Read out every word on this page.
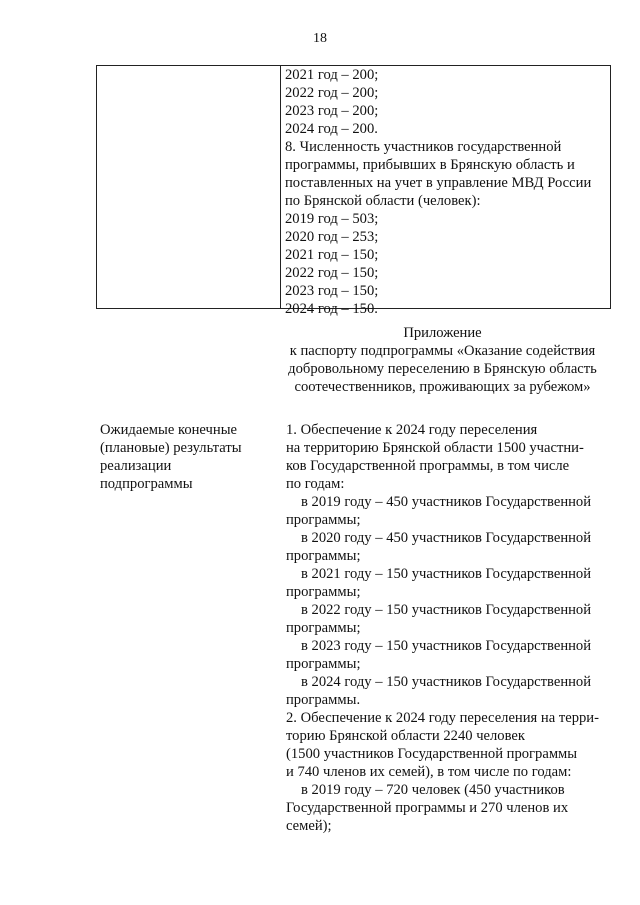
18
2021 год – 200;
2022 год – 200;
2023 год – 200;
2024 год – 200.
8. Численность участников государственной
программы, прибывших в Брянскую область и
поставленных на учет в управление МВД России
по Брянской области (человек):
2019 год – 503;
2020 год – 253;
2021 год – 150;
2022 год – 150;
2023 год – 150;
2024 год – 150.
Приложение
к паспорту подпрограммы «Оказание содействия
добровольному переселению в Брянскую область
соотечественников, проживающих за рубежом»
Ожидаемые конечные
(плановые) результаты
реализации
подпрограммы
1. Обеспечение к 2024 году переселения
на территорию Брянской области 1500 участни-
ков Государственной программы, в том числе
по годам:
в 2019 году – 450 участников Государственной
программы;
в 2020 году – 450 участников Государственной
программы;
в 2021 году – 150 участников Государственной
программы;
в 2022 году – 150 участников Государственной
программы;
в 2023 году – 150 участников Государственной
программы;
в 2024 году – 150 участников Государственной
программы.
2. Обеспечение к 2024 году переселения на терри-
торию Брянской области 2240 человек
(1500 участников Государственной программы
и 740 членов их семей), в том числе по годам:
в 2019 году – 720 человек (450 участников
Государственной программы и 270 членов их
семей);
